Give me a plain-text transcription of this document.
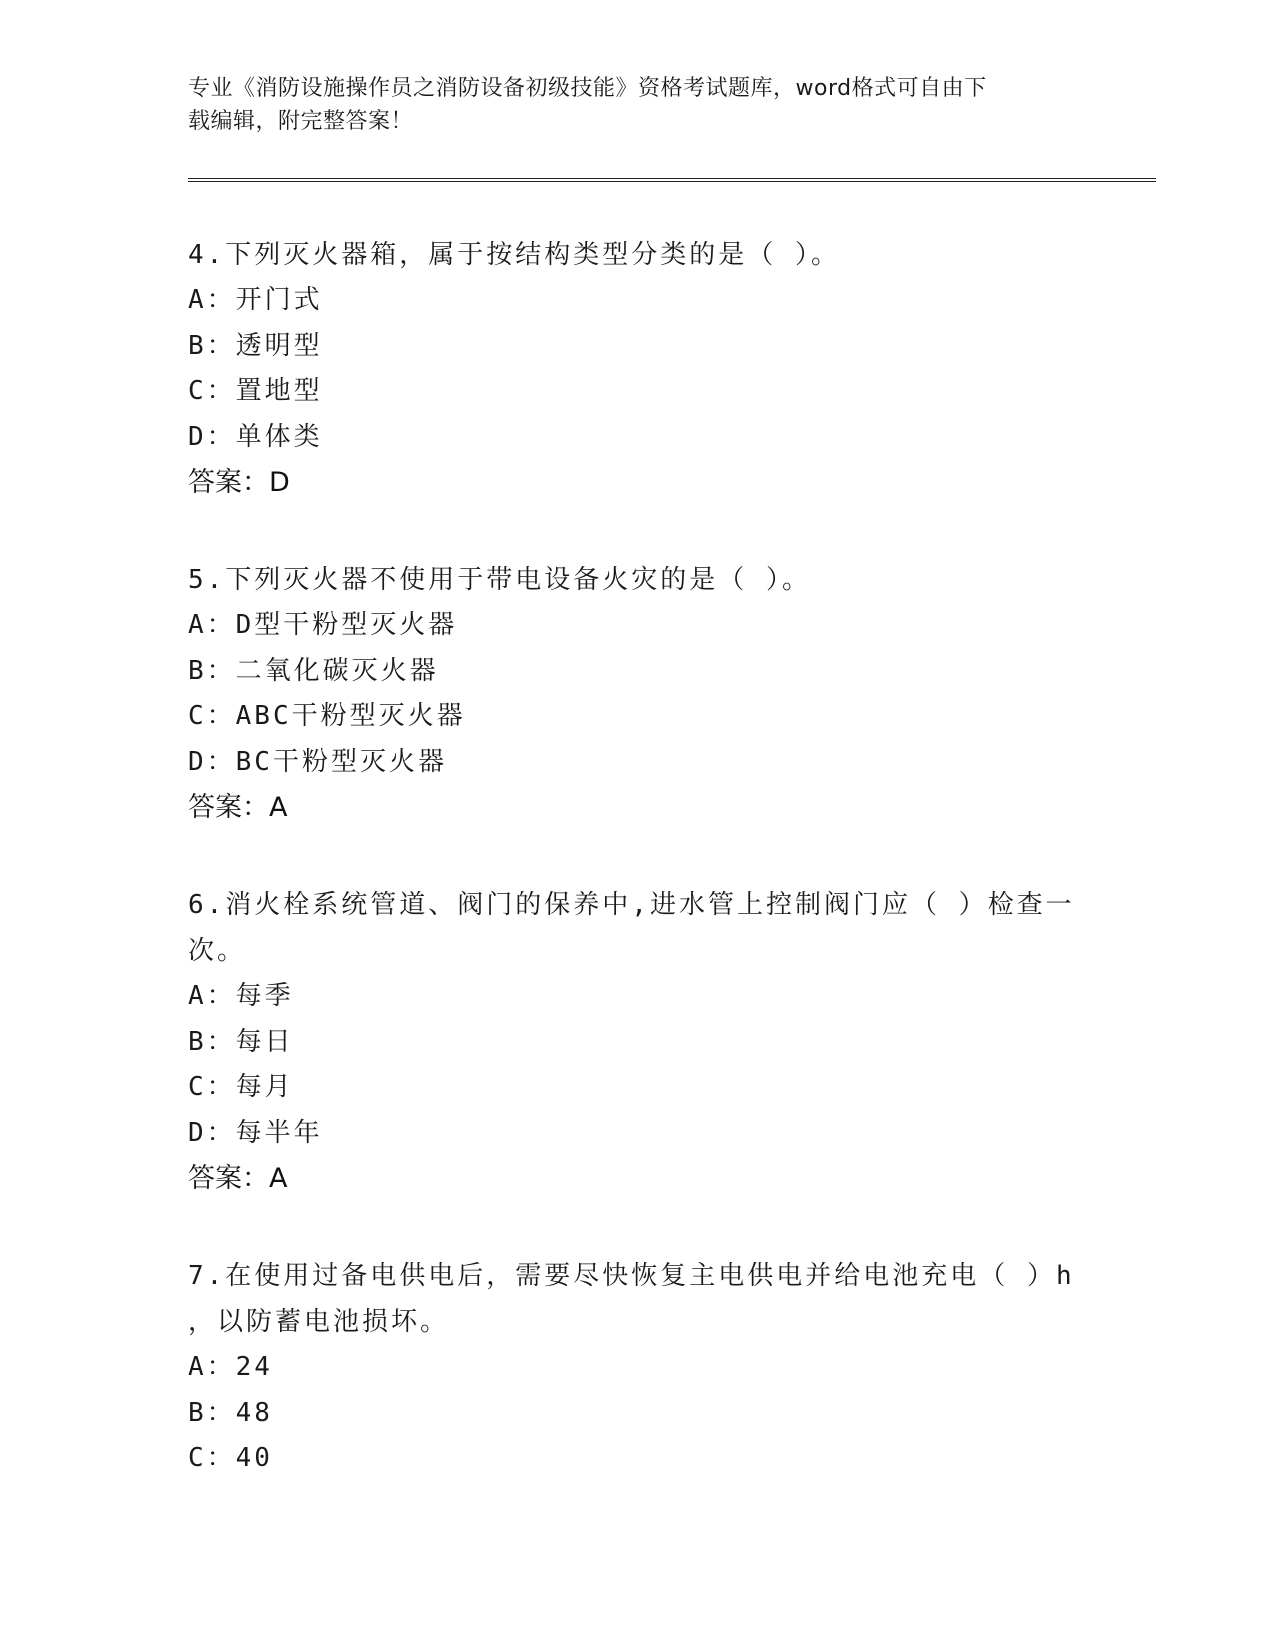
专业《消防设施操作员之消防设备初级技能》资格考试题库，word格式可自由下
载编辑，附完整答案！

4.下列灭火器箱，属于按结构类型分类的是（ ）。

A：开门式

B：透明型

C：置地型

D：单体类

答案：D

5.下列灭火器不使用于带电设备火灾的是（ ）。

A：D型干粉型灭火器

B：二氧化碳灭火器

C：ABC干粉型灭火器

D：BC干粉型灭火器

答案：A

6.消火栓系统管道、阀门的保养中,进水管上控制阀门应（ ）检查一

次。

A：每季

B：每日

C：每月

D：每半年

答案：A

7.在使用过备电供电后，需要尽快恢复主电供电并给电池充电（ ）h

，以防蓄电池损坏。

A：24

B：48

C：40
